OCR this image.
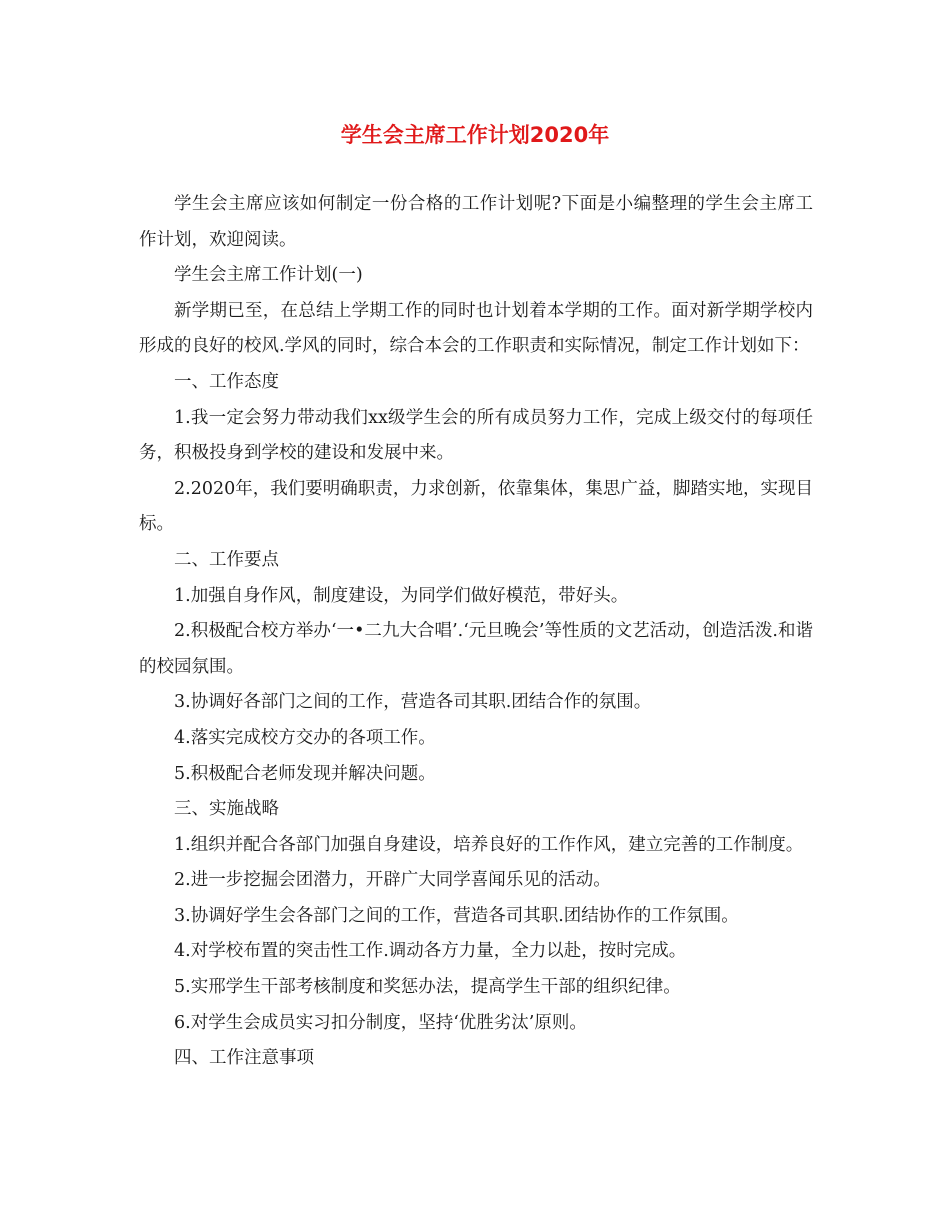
学生会主席工作计划2020年

学生会主席应该如何制定一份合格的工作计划呢?下面是小编整理的学生会主席工作计划，欢迎阅读。

学生会主席工作计划(一)

新学期已至，在总结上学期工作的同时也计划着本学期的工作。面对新学期学校内形成的良好的校风.学风的同时，综合本会的工作职责和实际情况，制定工作计划如下：

一、工作态度

1.我一定会努力带动我们xx级学生会的所有成员努力工作，完成上级交付的每项任务，积极投身到学校的建设和发展中来。

2.2020年，我们要明确职责，力求创新，依靠集体，集思广益，脚踏实地，实现目标。

二、工作要点

1.加强自身作风，制度建设，为同学们做好模范，带好头。

2.积极配合校方举办‘一•二九大合唱’.‘元旦晚会’等性质的文艺活动，创造活泼.和谐的校园氛围。

3.协调好各部门之间的工作，营造各司其职.团结合作的氛围。

4.落实完成校方交办的各项工作。

5.积极配合老师发现并解决问题。

三、实施战略

1.组织并配合各部门加强自身建设，培养良好的工作作风，建立完善的工作制度。

2.进一步挖掘会团潜力，开辟广大同学喜闻乐见的活动。

3.协调好学生会各部门之间的工作，营造各司其职.团结协作的工作氛围。

4.对学校布置的突击性工作.调动各方力量，全力以赴，按时完成。

5.实邢学生干部考核制度和奖惩办法，提高学生干部的组织纪律。

6.对学生会成员实习扣分制度，坚持‘优胜劣汰’原则。

四、工作注意事项
